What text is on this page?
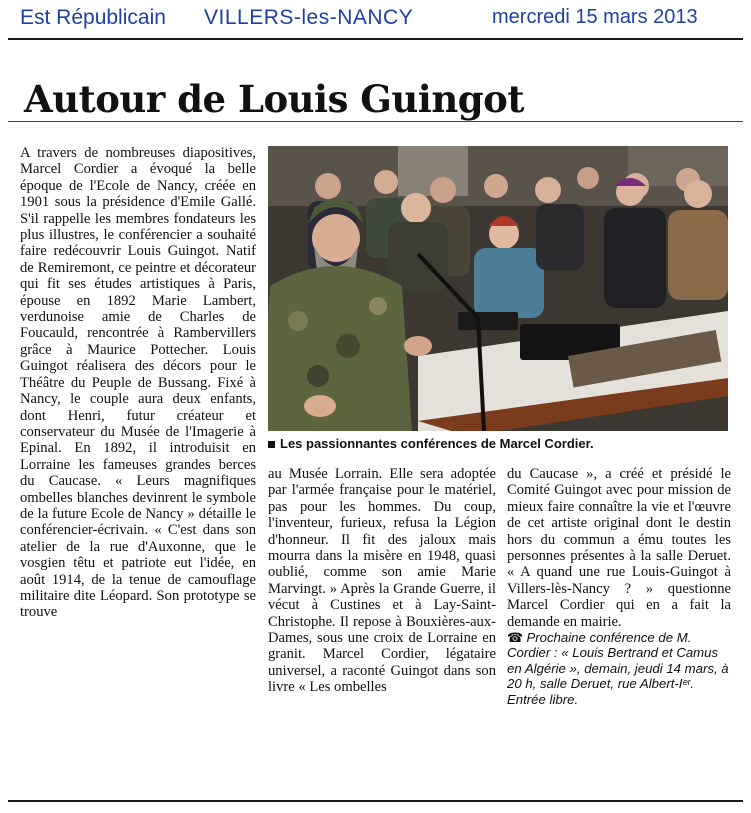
Est Républicain VILLERS-les-NANCY	mercredi 15 mars 2013
Autour de Louis Guingot

A travers de nombreuses diapositives, Marcel Cordier a évoqué la belle époque de l'Ecole de Nancy, créée en 1901 sous la présidence d'Emile Gallé. S'il rappelle les membres fondateurs les plus illustres, le conférencier a souhaité faire redécouvrir Louis Guingot. Natif de Remiremont, ce peintre et décorateur qui fit ses études artistiques à Paris, épouse en 1892 Marie Lambert, verdunoise amie de Charles de Foucauld, rencontrée à Rambervillers grâce à Maurice Pottecher. Louis Guingot réalisera des décors pour le Théâtre du Peuple de Bussang. Fixé à Nancy, le couple aura deux enfants, dont Henri, futur créateur et conservateur du Musée de l'Imagerie à Epinal. En 1892, il introduisit en Lorraine les fameuses grandes berces du Caucase. « Leurs magnifiques ombelles blanches devinrent le symbole de la future Ecole de Nancy » détaille le conférencier-écrivain. « C'est dans son atelier de la rue d'Auxonne, que le vosgien têtu et patriote eut l'idée, en août 1914, de la tenue de camouflage militaire dite Léopard. Son prototype se trouve

Les passionnantes conférences de Marcel Cordier.

au Musée Lorrain. Elle sera adoptée par l'armée française pour le matériel, pas pour les hommes. Du coup, l'inventeur, furieux, refusa la Légion d'honneur. Il fit des jaloux mais mourra dans la misère en 1948, quasi oublié, comme son amie Marie Marvingt. » Après la Grande Guerre, il vécut à Custines et à Lay-Saint-Christophe. Il repose à Bouxières-aux-Dames, sous une croix de Lorraine en granit. Marcel Cordier, légataire universel, a raconté Guingot dans son livre « Les ombelles

du Caucase », a créé et présidé le Comité Guingot avec pour mission de mieux faire connaître la vie et l'œuvre de cet artiste original dont le destin hors du commun a ému toutes les personnes présentes à la salle Deruet. « A quand une rue Louis-Guingot à Villers-lès-Nancy ? » questionne Marcel Cordier qui en a fait la demande en mairie.

☎ Prochaine conférence de M. Cordier : « Louis Bertrand et Camus en Algérie », demain, jeudi 14 mars, à 20 h, salle Deruet, rue Albert-Iᵉʳ. Entrée libre.
